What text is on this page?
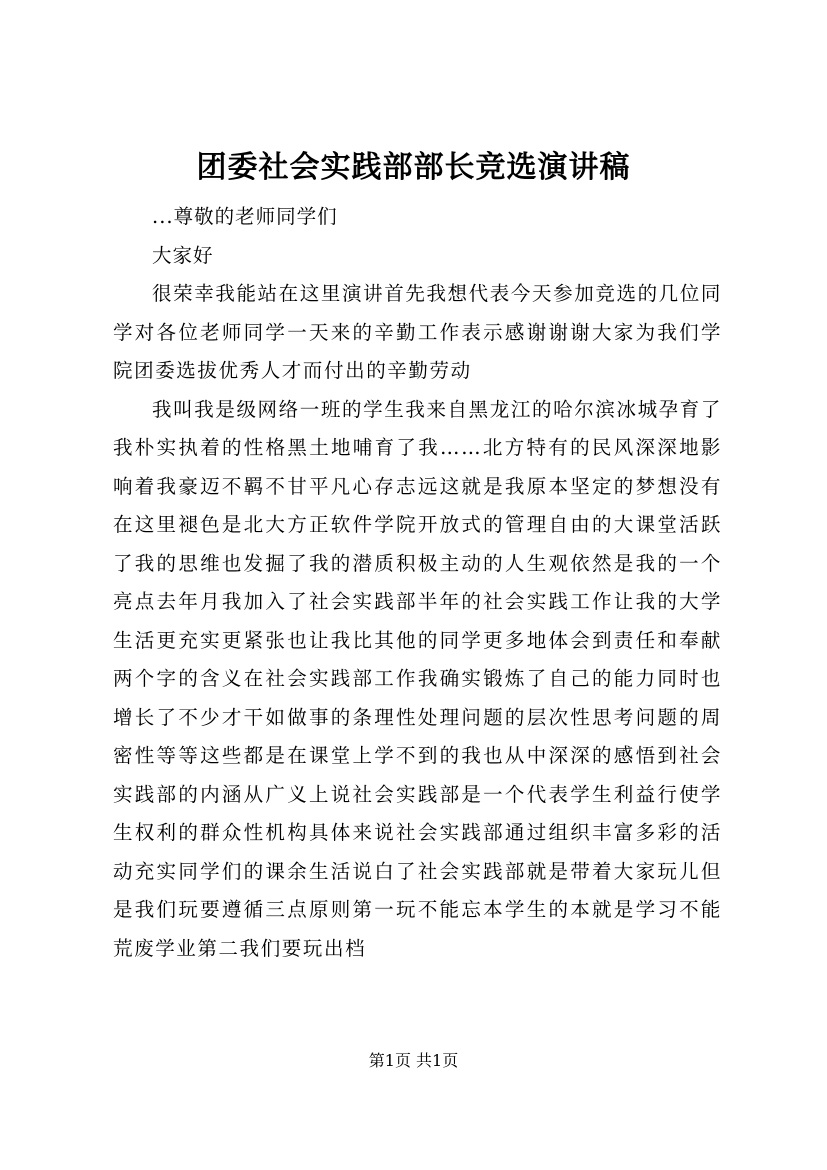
团委社会实践部部长竞选演讲稿

...尊敬的老师同学们

大家好

很荣幸我能站在这里演讲首先我想代表今天参加竞选的几位同学对各位老师同学一天来的辛勤工作表示感谢谢谢大家为我们学院团委选拔优秀人才而付出的辛勤劳动

我叫我是级网络一班的学生我来自黑龙江的哈尔滨冰城孕育了我朴实执着的性格黑土地哺育了我……北方特有的民风深深地影响着我豪迈不羁不甘平凡心存志远这就是我原本坚定的梦想没有在这里褪色是北大方正软件学院开放式的管理自由的大课堂活跃了我的思维也发掘了我的潜质积极主动的人生观依然是我的一个亮点去年月我加入了社会实践部半年的社会实践工作让我的大学生活更充实更紧张也让我比其他的同学更多地体会到责任和奉献两个字的含义在社会实践部工作我确实锻炼了自己的能力同时也增长了不少才干如做事的条理性处理问题的层次性思考问题的周密性等等这些都是在课堂上学不到的我也从中深深的感悟到社会实践部的内涵从广义上说社会实践部是一个代表学生利益行使学生权利的群众性机构具体来说社会实践部通过组织丰富多彩的活动充实同学们的课余生活说白了社会实践部就是带着大家玩儿但是我们玩要遵循三点原则第一玩不能忘本学生的本就是学习不能荒废学业第二我们要玩出档

第1页 共1页
